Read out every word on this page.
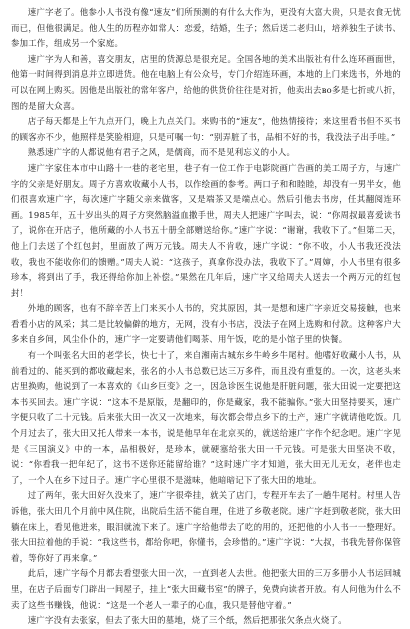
速广字老了。他参小人书没有像“速友”们所预测的有什么大作为，更没有大富大贵，只是衣食无忧而已，但他很满足。他人生的历程亦如常人：恋爱，结婚，生子；然后送二老归山，培养独生子读书、参加工作，组成另一个家庭。

速广字为人和善，喜交朋友，店里的货源总是很充足。全国各地的美术出版社有什么连环画面世，他第一时间得到消息并立即进货。他在电脑上有公众号，专门介绍连环画，本地的上门来选书，外地的可以在网上购买。因他是出版社的常年客户，给他的供货价往往是对折，他卖出去во多是七折或八折，图的是留大众喜。

店子每天都是上午九点开门，晚上九点关门。来购书的“速友”，他热情接待；来这里看书但不买书的顾客亦不少，他照样是笑脸相迎，只是可嘱一句：“别弄脏了书，品相不好的书，我没法子出手哇。”

熟悉速广字的人都说他有君子之风，是儒商，而不是见利忘义的小人。

速广字家住本市中山路十一巷的老宅里，巷子有一位工作于电影院画广告画的美工周子方，与速广字的父亲是好朋友。周子方喜欢收藏小人书，以作绘画的参考。两口子和和睦睦，却没有一男半女，他们很喜欢速广字，每次速广字随父亲来做客，又是端茶又是端点心。然后引他去书房，任其翻阅连环画。1985年，五十岁出头的周子方突然脑溢血撒手世，周夫人把速广字叫去，说：“你周叔最喜爱读书了，说你在开店子，他所藏的小人书五十册全部赠送给你。”速广字说：“谢谢，我收下了。”但第二天，他上门去送了个红包封，里面放了两万元钱。周夫人不肯收，速广字说：“你不收，小人书我还没法收，我也不能收你们的馈赠。”周夫人说：“这孩子，真拿你没办法，我收下了。”周婶，小人书里有很多珍本，将到出了手，我还得给你加上补偿。”果然在几年后，速广字又给周夫人送去一个两万元的红包封！

外地的顾客，也有不辞辛苦上门来买小人书的，究其原因，其一是想和速广字亲近交易接触，也来看看小店的风采；其二是比较偏僻的地方，无网，没有小书店，没法子在网上选购和付款。这种客户大多来自乡间，风尘仆仆的，速广字一定要请他们喝茶、用午饭，吃的是小馆子里的快餐。

有一个叫张名大田的老学长，快七十了，来自湘南古城东乡牛岭乡牛尾村。他嗜好收藏小人书，从前看过的、能买到的都收藏起来，张名的小人书总数已达三万多件，而且没有重复的。一次，这老头来店里换购，他说到了一本喜欢的《山乡巨变》之一，因急诊医生说他是肝脏问题，张大田说一定要把这本书买回去。速广字说：“这本不是原版，是翻印的，你是藏家，我不能骗你。”张大田坚持要买，速广字便只收了二十元钱。后来张大田一次又一次地来，每次都会带点乡下的土产，速广字就请他吃饭。几个月过去了，张大田又托人带来一本书，说是他早年在北京买的，就送给速广字作个纪念吧。速广字见是《三国演义》中的一本，品相极好，是珍本，就硬塞给张大田一千元钱。可是张大田坚决不收，说：“你看我一把年纪了，这书不送你还能留给谁？”这时速广字才知道，张大田无儿无女，老伴也走了，一个人在乡下过日子。速广字心里很不是滋味，他暗暗记下了张大田的地址。

过了两年，张大田好久没来了，速广字很牵挂，就关了店门，专程开车去了一趟牛尾村。村里人告诉他，张大田几个月前中风住院，出院后生活不能自理，住进了乡敬老院。速广字赶到敬老院，张大田躺在床上，看见他进来，眼泪就流下来了。速广字给他带去了吃的用的，还把他的小人书一一整理好。张大田拉着他的手说：“我这些书，都给你吧，你懂书，会珍惜的。”速广字说：“大叔，书我先替你保管着，等你好了再来拿。”

此后，速广字每个月都去看望张大田一次，一直到老人去世。他把张大田的三万多册小人书运回城里，在店子后面专门辟出一间屋子，挂上“张大田藏书室”的牌子，免费向读者开放。有人问他为什么不卖了这些书赚钱，他说：“这是一个老人一辈子的心血，我只是替他守着。”

速广字没有去张家，但去了张大田的墓地，烧了三个纸，然后把那张欠条点火烧了。
